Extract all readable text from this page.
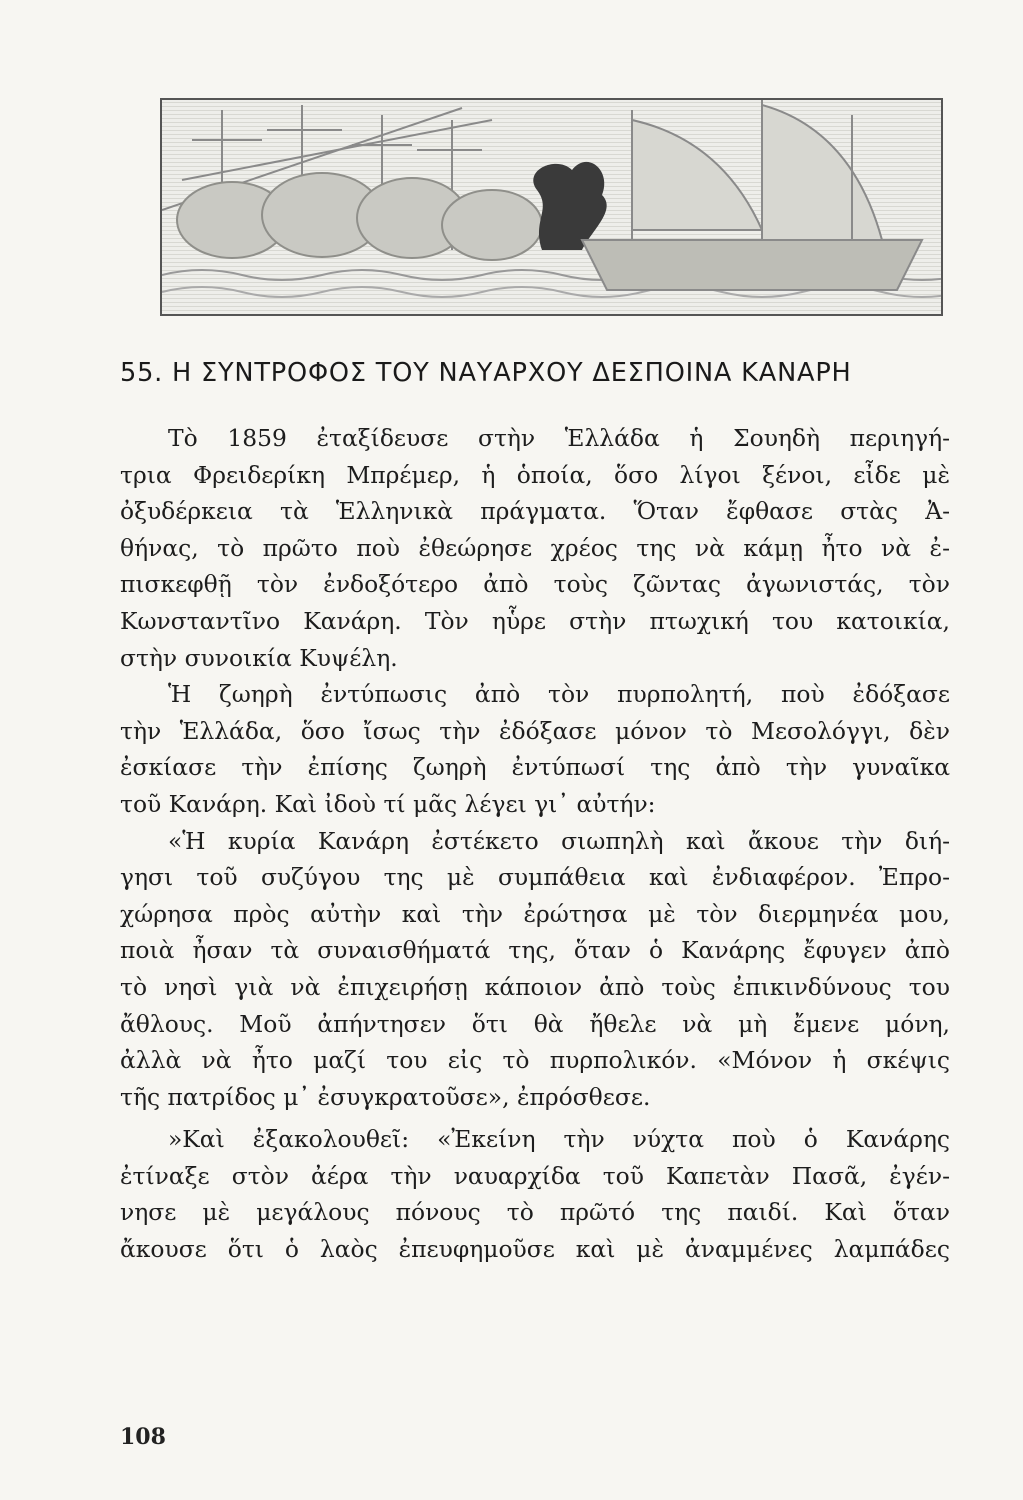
55. Η ΣΥΝΤΡΟΦΟΣ ΤΟΥ ΝΑΥΑΡΧΟΥ ΔΕΣΠΟΙΝΑ ΚΑΝΑΡΗ

Τὸ 1859 ἐταξίδευσε στὴν Ἑλλάδα ἡ Σουηδὴ περιηγή-

τρια Φρειδερίκη Μπρέμερ, ἡ ὁποία, ὅσο λίγοι ξένοι, εἶδε μὲ

ὀξυδέρκεια τὰ Ἑλληνικὰ πράγματα. Ὅταν ἔφθασε στὰς Ἀ-

θήνας, τὸ πρῶτο ποὺ ἐθεώρησε χρέος της νὰ κάμῃ ἦτο νὰ ἐ-

πισκεφθῇ τὸν ἐνδοξότερο ἀπὸ τοὺς ζῶντας ἀγωνιστάς, τὸν

Κωνσταντῖνο Κανάρη. Τὸν ηὗρε στὴν πτωχική του κατοικία,

στὴν συνοικία Κυψέλη.

Ἡ ζωηρὴ ἐντύπωσις ἀπὸ τὸν πυρπολητή, ποὺ ἐδόξασε

τὴν Ἑλλάδα, ὅσο ἴσως τὴν ἐδόξασε μόνον τὸ Μεσολόγγι, δὲν

ἐσκίασε τὴν ἐπίσης ζωηρὴ ἐντύπωσί της ἀπὸ τὴν γυναῖκα

τοῦ Κανάρη. Καὶ ἰδοὺ τί μᾶς λέγει γι᾽ αὐτήν:

«Ἡ κυρία Κανάρη ἐστέκετο σιωπηλὴ καὶ ἄκουε τὴν διή-

γησι τοῦ συζύγου της μὲ συμπάθεια καὶ ἐνδιαφέρον. Ἐπρο-

χώρησα πρὸς αὐτὴν καὶ τὴν ἐρώτησα μὲ τὸν διερμηνέα μου,

ποιὰ ἦσαν τὰ συναισθήματά της, ὅταν ὁ Κανάρης ἔφυγεν ἀπὸ

τὸ νησὶ γιὰ νὰ ἐπιχειρήσῃ κάποιον ἀπὸ τοὺς ἐπικινδύνους του

ἄθλους. Μοῦ ἀπήντησεν ὅτι θὰ ἤθελε νὰ μὴ ἔμενε μόνη,

ἀλλὰ νὰ ἦτο μαζί του εἰς τὸ πυρπολικόν. «Μόνον ἡ σκέψις

τῆς πατρίδος μ᾽ ἐσυγκρατοῦσε», ἐπρόσθεσε.

»Καὶ ἐξακολουθεῖ: «Ἐκείνη τὴν νύχτα ποὺ ὁ Κανάρης

ἐτίναξε στὸν ἀέρα τὴν ναυαρχίδα τοῦ Καπετὰν Πασᾶ, ἐγέν-

νησε μὲ μεγάλους πόνους τὸ πρῶτό της παιδί. Καὶ ὅταν

ἄκουσε ὅτι ὁ λαὸς ἐπευφημοῦσε καὶ μὲ ἀναμμένες λαμπάδες

108
